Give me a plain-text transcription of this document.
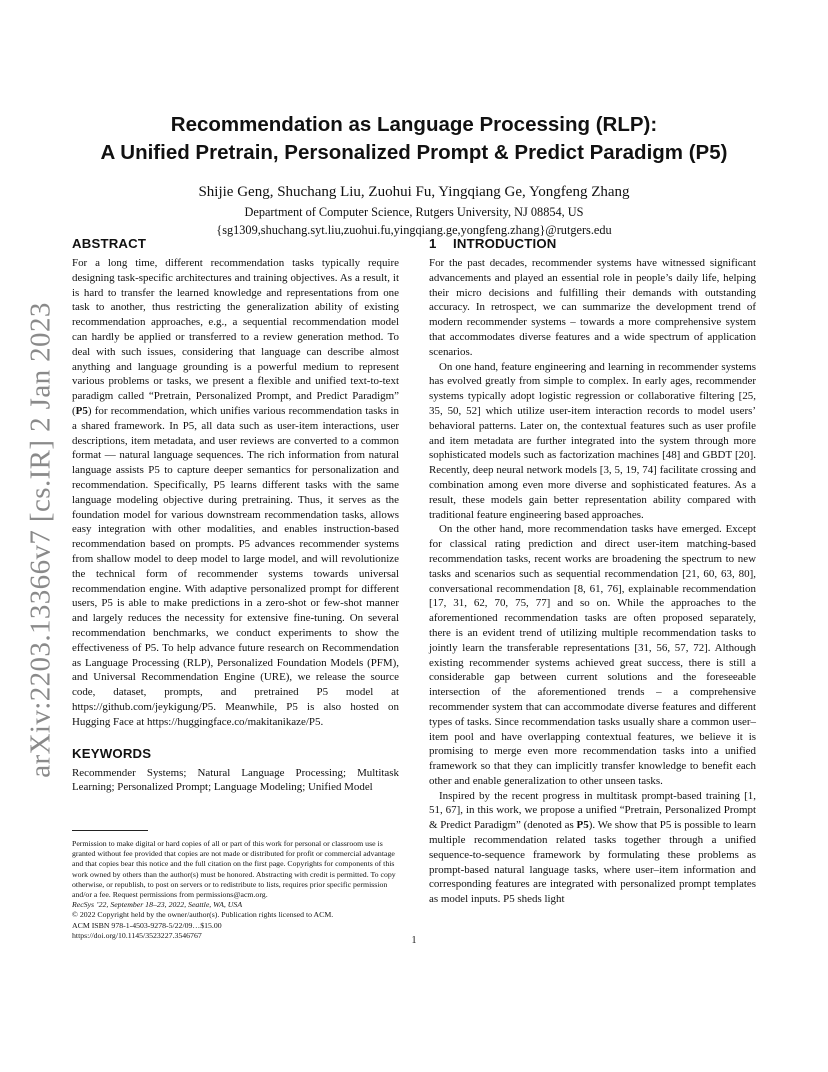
arXiv:2203.13366v7 [cs.IR] 2 Jan 2023
Recommendation as Language Processing (RLP):
A Unified Pretrain, Personalized Prompt & Predict Paradigm (P5)
Shijie Geng, Shuchang Liu, Zuohui Fu, Yingqiang Ge, Yongfeng Zhang
Department of Computer Science, Rutgers University, NJ 08854, US
{sg1309,shuchang.syt.liu,zuohui.fu,yingqiang.ge,yongfeng.zhang}@rutgers.edu
ABSTRACT

For a long time, different recommendation tasks typically require designing task-specific architectures and training objectives. As a result, it is hard to transfer the learned knowledge and representations from one task to another, thus restricting the generalization ability of existing recommendation approaches, e.g., a sequential recommendation model can hardly be applied or transferred to a review generation method. To deal with such issues, considering that language can describe almost anything and language grounding is a powerful medium to represent various problems or tasks, we present a flexible and unified text-to-text paradigm called “Pretrain, Personalized Prompt, and Predict Paradigm” (P5) for recommendation, which unifies various recommendation tasks in a shared framework. In P5, all data such as user-item interactions, user descriptions, item metadata, and user reviews are converted to a common format — natural language sequences. The rich information from natural language assists P5 to capture deeper semantics for personalization and recommendation. Specifically, P5 learns different tasks with the same language modeling objective during pretraining. Thus, it serves as the foundation model for various downstream recommendation tasks, allows easy integration with other modalities, and enables instruction-based recommendation based on prompts. P5 advances recommender systems from shallow model to deep model to large model, and will revolutionize the technical form of recommender systems towards universal recommendation engine. With adaptive personalized prompt for different users, P5 is able to make predictions in a zero-shot or few-shot manner and largely reduces the necessity for extensive fine-tuning. On several recommendation benchmarks, we conduct experiments to show the effectiveness of P5. To help advance future research on Recommendation as Language Processing (RLP), Personalized Foundation Models (PFM), and Universal Recommendation Engine (URE), we release the source code, dataset, prompts, and pretrained P5 model at https://github.com/jeykigung/P5. Meanwhile, P5 is also hosted on Hugging Face at https://huggingface.co/makitanikaze/P5.

KEYWORDS

Recommender Systems; Natural Language Processing; Multitask Learning; Personalized Prompt; Language Modeling; Unified Model

Permission to make digital or hard copies of all or part of this work for personal or classroom use is granted without fee provided that copies are not made or distributed for profit or commercial advantage and that copies bear this notice and the full citation on the first page. Copyrights for components of this work owned by others than the author(s) must be honored. Abstracting with credit is permitted. To copy otherwise, or republish, to post on servers or to redistribute to lists, requires prior specific permission and/or a fee. Request permissions from permissions@acm.org.

RecSys ’22, September 18–23, 2022, Seattle, WA, USA

© 2022 Copyright held by the owner/author(s). Publication rights licensed to ACM.

ACM ISBN 978-1-4503-9278-5/22/09…$15.00

https://doi.org/10.1145/3523227.3546767

1 INTRODUCTION

For the past decades, recommender systems have witnessed significant advancements and played an essential role in people’s daily life, helping their micro decisions and fulfilling their demands with outstanding accuracy. In retrospect, we can summarize the development trend of modern recommender systems – towards a more comprehensive system that accommodates diverse features and a wide spectrum of application scenarios.

On one hand, feature engineering and learning in recommender systems has evolved greatly from simple to complex. In early ages, recommender systems typically adopt logistic regression or collaborative filtering [25, 35, 50, 52] which utilize user-item interaction records to model users’ behavioral patterns. Later on, the contextual features such as user profile and item metadata are further integrated into the system through more sophisticated models such as factorization machines [48] and GBDT [20]. Recently, deep neural network models [3, 5, 19, 74] facilitate crossing and combination among even more diverse and sophisticated features. As a result, these models gain better representation ability compared with traditional feature engineering based approaches.

On the other hand, more recommendation tasks have emerged. Except for classical rating prediction and direct user-item matching-based recommendation tasks, recent works are broadening the spectrum to new tasks and scenarios such as sequential recommendation [21, 60, 63, 80], conversational recommendation [8, 61, 76], explainable recommendation [17, 31, 62, 70, 75, 77] and so on. While the approaches to the aforementioned recommendation tasks are often proposed separately, there is an evident trend of utilizing multiple recommendation tasks to jointly learn the transferable representations [31, 56, 57, 72]. Although existing recommender systems achieved great success, there is still a considerable gap between current solutions and the foreseeable intersection of the aforementioned trends – a comprehensive recommender system that can accommodate diverse features and different types of tasks. Since recommendation tasks usually share a common user–item pool and have overlapping contextual features, we believe it is promising to merge even more recommendation tasks into a unified framework so that they can implicitly transfer knowledge to benefit each other and enable generalization to other unseen tasks.

Inspired by the recent progress in multitask prompt-based training [1, 51, 67], in this work, we propose a unified “Pretrain, Personalized Prompt & Predict Paradigm” (denoted as P5). We show that P5 is possible to learn multiple recommendation related tasks together through a unified sequence-to-sequence framework by formulating these problems as prompt-based natural language tasks, where user–item information and corresponding features are integrated with personalized prompt templates as model inputs. P5 sheds light

1
